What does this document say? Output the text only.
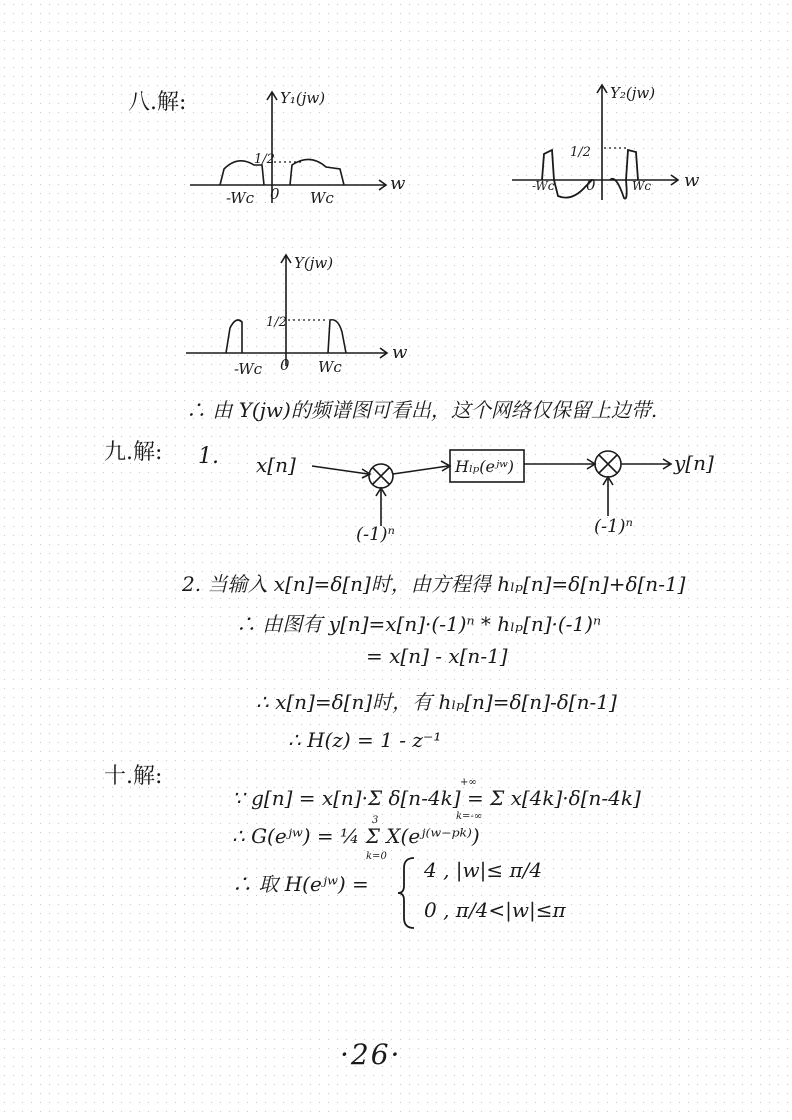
八.解:	Y₁(jw)
1/2
-Wᴄ 0 Wᴄ
w
Y₂(jw)
1/2
-Wᴄ 0	Wᴄ w
Y(jw)
1/2
-Wᴄ 0 Wᴄ
w
∴ 由 Y(jw)的频谱图可看出，这个网络仅保留上边带.
九.解: 1. x[n]
(-1)ⁿ
Hₗₚ(eʲʷ)
(-1)ⁿ
y[n]
2. 当输入 x[n]=δ[n]时，由方程得 hₗₚ[n]=δ[n]+δ[n-1]
∴ 由图有 y[n]=x[n]·(-1)ⁿ * hₗₚ[n]·(-1)ⁿ
= x[n] - x[n-1]
∴ x[n]=δ[n]时，有 hₗₚ[n]=δ[n]-δ[n-1]
∴ H(z) = 1 - z⁻¹
十.解:
∵ g[n] = x[n]·Σ δ[n-4k] = Σ x[4k]·δ[n-4k]
+∞
k=-∞
∴ G(eʲʷ) = ¼ Σ X(eʲ⁽ʷ⁻ᵖᵏ⁾)
3
k=0
∴ 取 H(eʲʷ) =
4 , |w|≤ π/4
0 , π/4<|w|≤π
·26·
